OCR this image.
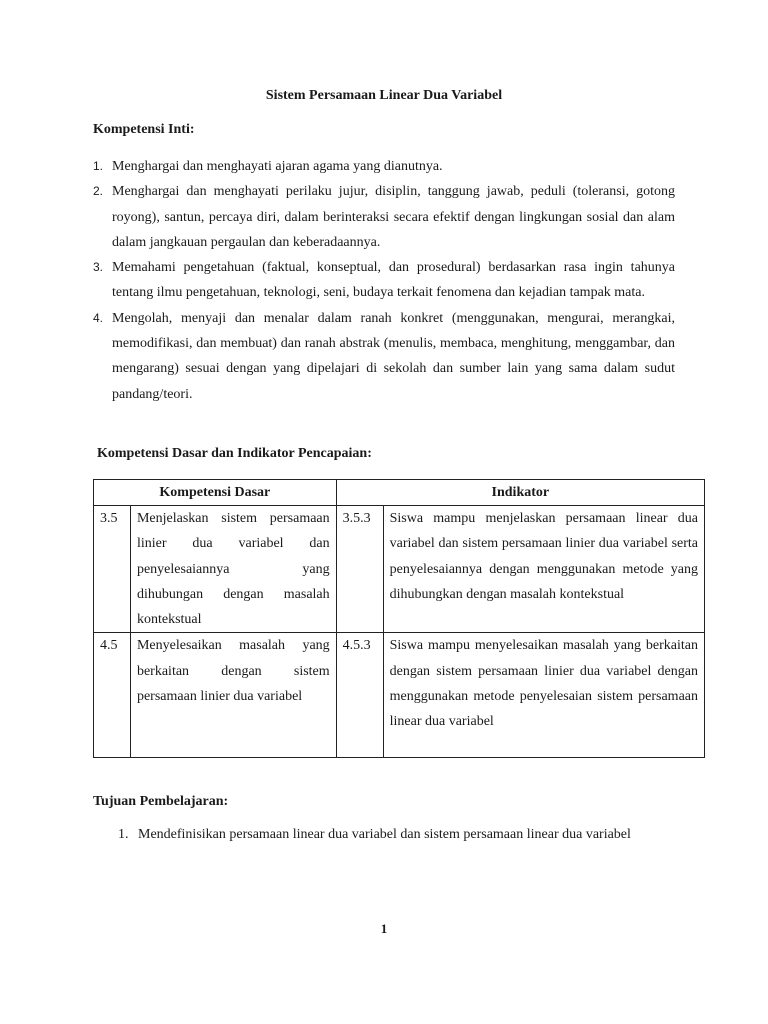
Sistem Persamaan Linear Dua Variabel
Kompetensi Inti:
1. Menghargai dan menghayati ajaran agama yang dianutnya.
2. Menghargai dan menghayati perilaku jujur, disiplin, tanggung jawab, peduli (toleransi, gotong royong), santun, percaya diri, dalam berinteraksi secara efektif dengan lingkungan sosial dan alam dalam jangkauan pergaulan dan keberadaannya.
3. Memahami pengetahuan (faktual, konseptual, dan prosedural) berdasarkan rasa ingin tahunya tentang ilmu pengetahuan, teknologi, seni, budaya terkait fenomena dan kejadian tampak mata.
4. Mengolah, menyaji dan menalar dalam ranah konkret (menggunakan, mengurai, merangkai, memodifikasi, dan membuat) dan ranah abstrak (menulis, membaca, menghitung, menggambar, dan mengarang) sesuai dengan yang dipelajari di sekolah dan sumber lain yang sama dalam sudut pandang/teori.
Kompetensi Dasar dan Indikator Pencapaian:
Kompetensi Dasar		Indikator	
3.5	Menjelaskan sistem persamaan linier dua variabel dan penyelesaiannya yang dihubungan dengan masalah kontekstual	3.5.3	Siswa mampu menjelaskan persamaan linear dua variabel dan sistem persamaan linier dua variabel serta penyelesaiannya dengan menggunakan metode yang dihubungkan dengan masalah kontekstual
4.5	Menyelesaikan masalah yang berkaitan dengan sistem persamaan linier dua variabel	4.5.3	Siswa mampu menyelesaikan masalah yang berkaitan dengan sistem persamaan linier dua variabel dengan menggunakan metode penyelesaian sistem persamaan linear dua variabel
Tujuan Pembelajaran:
1. Mendefinisikan persamaan linear dua variabel dan sistem persamaan linear dua variabel
1
